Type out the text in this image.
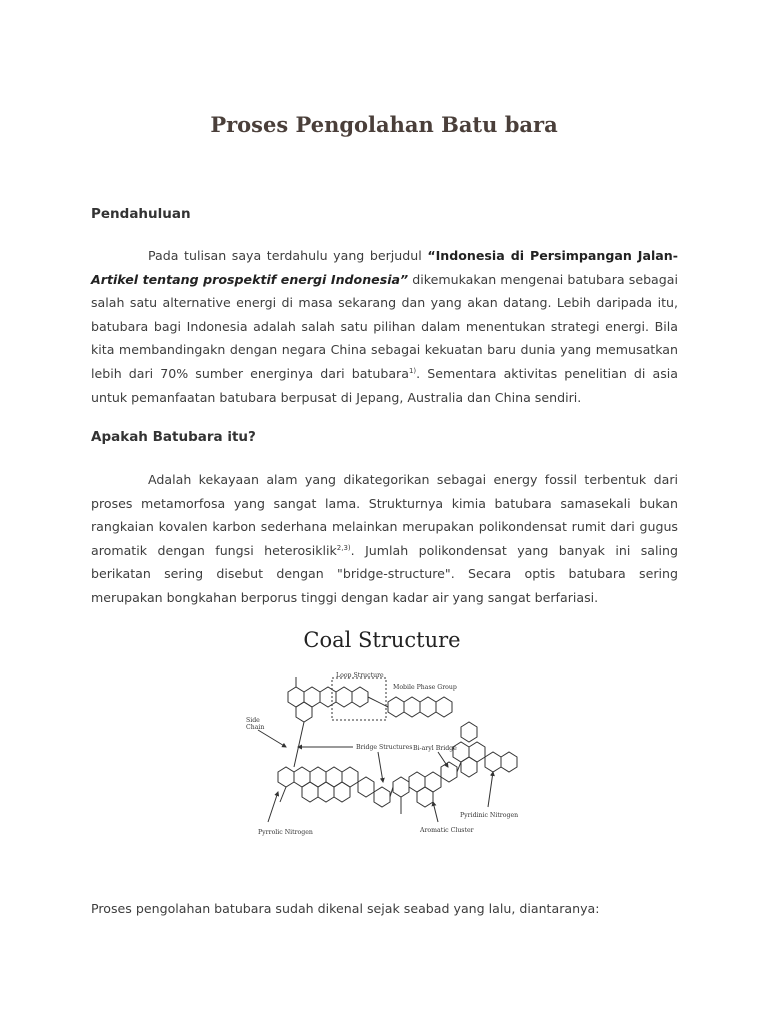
Proses Pengolahan Batu bara
Pendahuluan
Pada tulisan saya terdahulu yang berjudul “Indonesia di Persimpangan Jalan-Artikel tentang prospektif energi Indonesia” dikemukakan mengenai batubara sebagai salah satu alternative energi di masa sekarang dan yang akan datang. Lebih daripada itu, batubara bagi Indonesia adalah salah satu pilihan dalam menentukan strategi energi. Bila kita membandingakn dengan negara China sebagai kekuatan baru dunia yang memusatkan lebih dari 70% sumber energinya dari batubara$^{1)}$. Sementara aktivitas penelitian di asia untuk pemanfaatan batubara berpusat di Jepang, Australia dan China sendiri.
Apakah Batubara itu?
Adalah kekayaan alam yang dikategorikan sebagai energy fossil terbentuk dari proses metamorfosa yang sangat lama. Strukturnya kimia batubara samasekali bukan rangkaian kovalen karbon sederhana melainkan merupakan polikondensat rumit dari gugus aromatik dengan fungsi heterosiklik$^{2,3)}$. Jumlah polikondensat yang banyak ini saling berikatan sering disebut dengan "bridge-structure". Secara optis batubara sering merupakan bongkahan berporus tinggi dengan kadar air yang sangat berfariasi.
Coal Structure
Loop Structure
Mobile Phase Group
Side
Chain
Bridge Structures Bi-aryl Bridge
Pyridinic Nitrogen
Pyrrolic Nitrogen	Aromatic Cluster
Proses pengolahan batubara sudah dikenal sejak seabad yang lalu, diantaranya:
